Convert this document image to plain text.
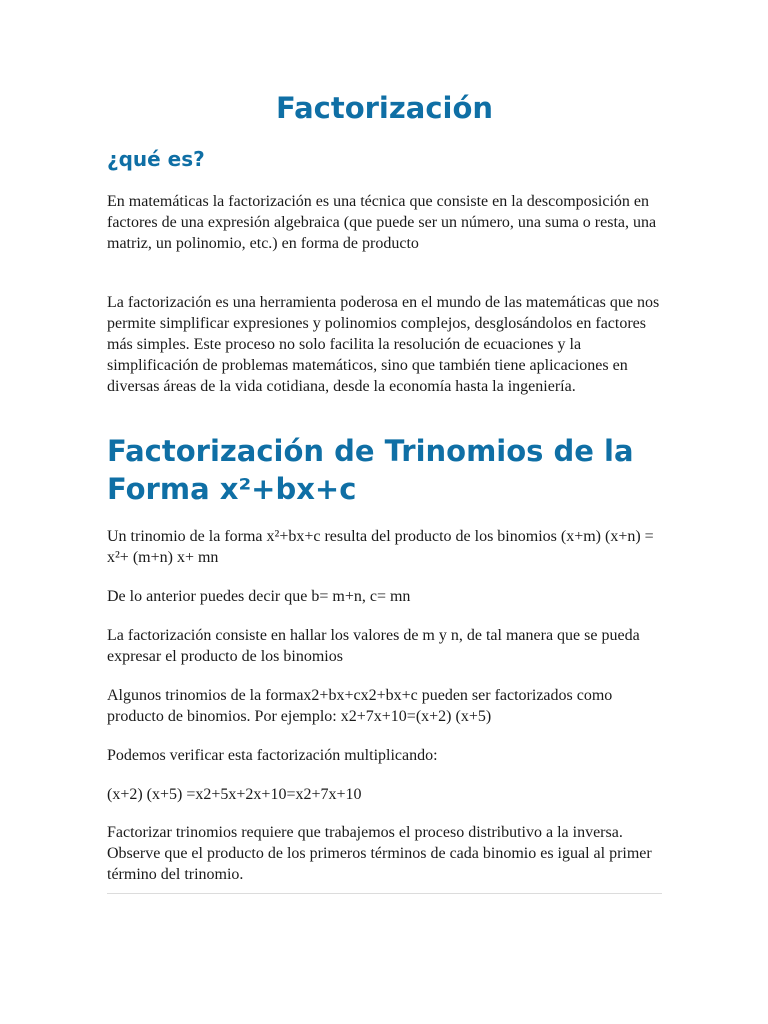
Factorización
¿qué es?

En matemáticas la factorización es una técnica que consiste en la descomposición en factores de una expresión algebraica (que puede ser un número, una suma o resta, una matriz, un polinomio, etc.) en forma de producto

La factorización es una herramienta poderosa en el mundo de las matemáticas que nos permite simplificar expresiones y polinomios complejos, desglosándolos en factores más simples. Este proceso no solo facilita la resolución de ecuaciones y la simplificación de problemas matemáticos, sino que también tiene aplicaciones en diversas áreas de la vida cotidiana, desde la economía hasta la ingeniería.

Factorización de Trinomios de la Forma x²+bx+c

Un trinomio de la forma x²+bx+c resulta del producto de los binomios (x+m) (x+n) = x²+ (m+n) x+ mn

De lo anterior puedes decir que b= m+n, c= mn

La factorización consiste en hallar los valores de m y n, de tal manera que se pueda expresar el producto de los binomios

Algunos trinomios de la formax2+bx+cx2+bx+c pueden ser factorizados como producto de binomios. Por ejemplo: x2+7x+10=(x+2) (x+5)

Podemos verificar esta factorización multiplicando:

(x+2) (x+5) =x2+5x+2x+10=x2+7x+10

Factorizar trinomios requiere que trabajemos el proceso distributivo a la inversa. Observe que el producto de los primeros términos de cada binomio es igual al primer término del trinomio.
